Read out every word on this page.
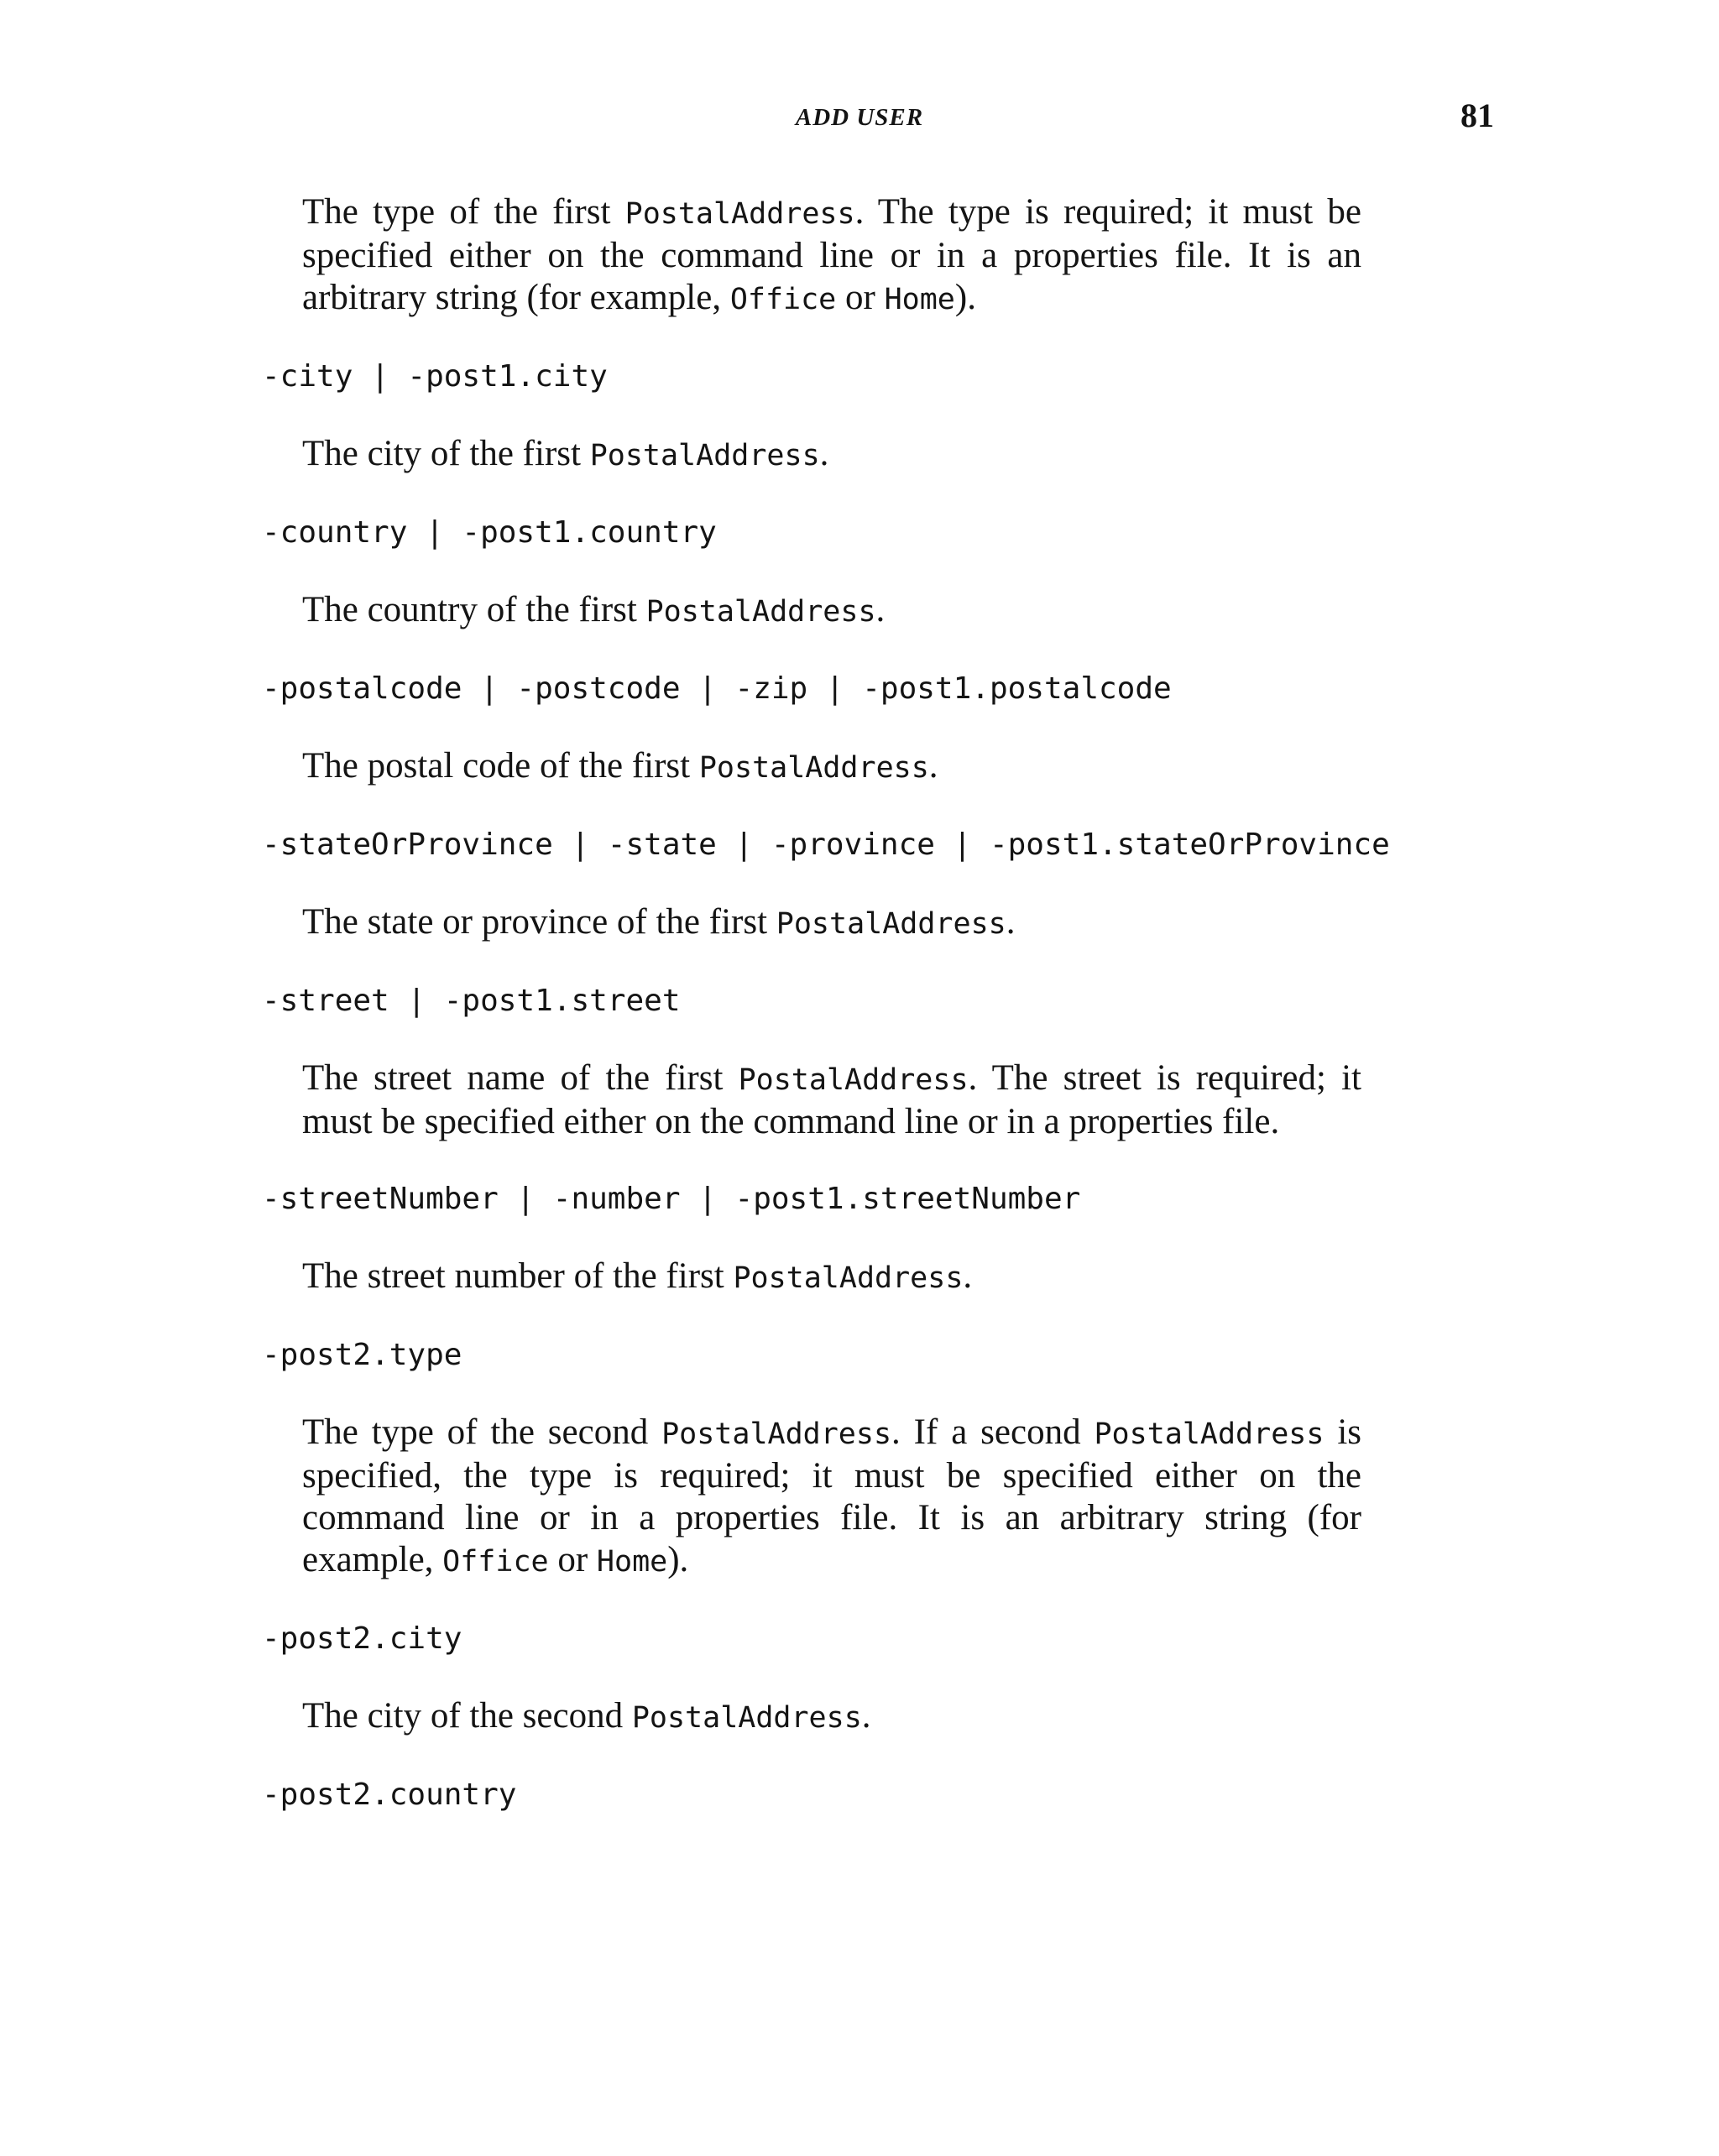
ADD USER	81

The type of the first PostalAddress. The type is required; it must be specified either on the command line or in a properties file. It is an arbitrary string (for example, Office or Home).

-city | -post1.city

The city of the first PostalAddress.

-country | -post1.country

The country of the first PostalAddress.

-postalcode | -postcode | -zip | -post1.postalcode

The postal code of the first PostalAddress.

-stateOrProvince | -state | -province | -post1.stateOrProvince

The state or province of the first PostalAddress.

-street | -post1.street

The street name of the first PostalAddress. The street is required; it must be specified either on the command line or in a properties file.

-streetNumber | -number | -post1.streetNumber

The street number of the first PostalAddress.

-post2.type

The type of the second PostalAddress. If a second PostalAddress is specified, the type is required; it must be specified either on the command line or in a properties file. It is an arbitrary string (for example, Office or Home).

-post2.city

The city of the second PostalAddress.

-post2.country
